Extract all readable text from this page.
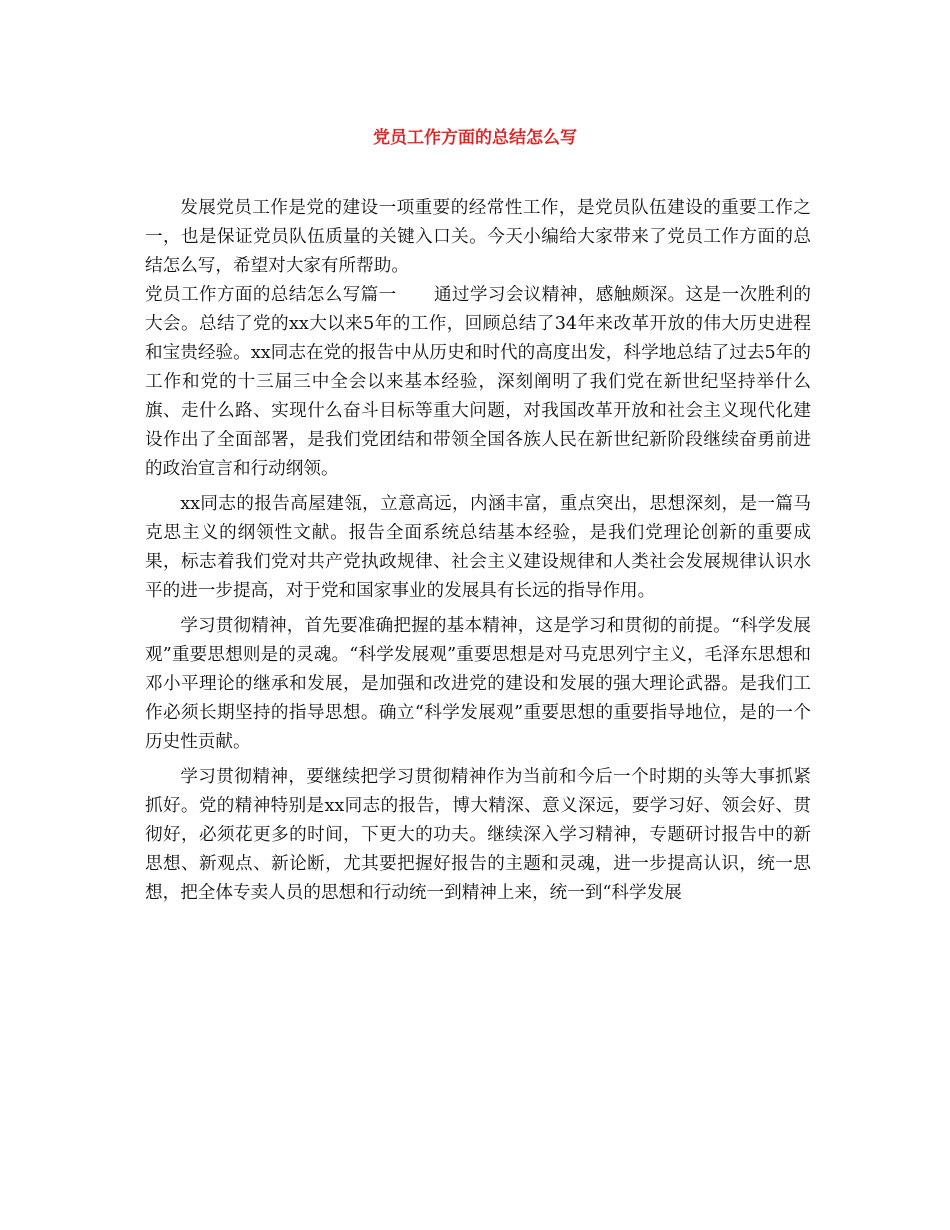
党员工作方面的总结怎么写

发展党员工作是党的建设一项重要的经常性工作，是党员队伍建设的重要工作之一，也是保证党员队伍质量的关键入口关。今天小编给大家带来了党员工作方面的总结怎么写，希望对大家有所帮助。

党员工作方面的总结怎么写篇一 通过学习会议精神，感触颇深。这是一次胜利的大会。总结了党的xx大以来5年的工作，回顾总结了34年来改革开放的伟大历史进程和宝贵经验。xx同志在党的报告中从历史和时代的高度出发，科学地总结了过去5年的工作和党的十三届三中全会以来基本经验，深刻阐明了我们党在新世纪坚持举什么旗、走什么路、实现什么奋斗目标等重大问题，对我国改革开放和社会主义现代化建设作出了全面部署，是我们党团结和带领全国各族人民在新世纪新阶段继续奋勇前进的政治宣言和行动纲领。

xx同志的报告高屋建瓴，立意高远，内涵丰富，重点突出，思想深刻，是一篇马克思主义的纲领性文献。报告全面系统总结基本经验，是我们党理论创新的重要成果，标志着我们党对共产党执政规律、社会主义建设规律和人类社会发展规律认识水平的进一步提高，对于党和国家事业的发展具有长远的指导作用。

学习贯彻精神，首先要准确把握的基本精神，这是学习和贯彻的前提。“科学发展观”重要思想则是的灵魂。“科学发展观”重要思想是对马克思列宁主义，毛泽东思想和邓小平理论的继承和发展，是加强和改进党的建设和发展的强大理论武器。是我们工作必须长期坚持的指导思想。确立“科学发展观”重要思想的重要指导地位，是的一个历史性贡献。

学习贯彻精神，要继续把学习贯彻精神作为当前和今后一个时期的头等大事抓紧抓好。党的精神特别是xx同志的报告，博大精深、意义深远，要学习好、领会好、贯彻好，必须花更多的时间，下更大的功夫。继续深入学习精神，专题研讨报告中的新思想、新观点、新论断，尤其要把握好报告的主题和灵魂，进一步提高认识，统一思想，把全体专卖人员的思想和行动统一到精神上来，统一到“科学发展
